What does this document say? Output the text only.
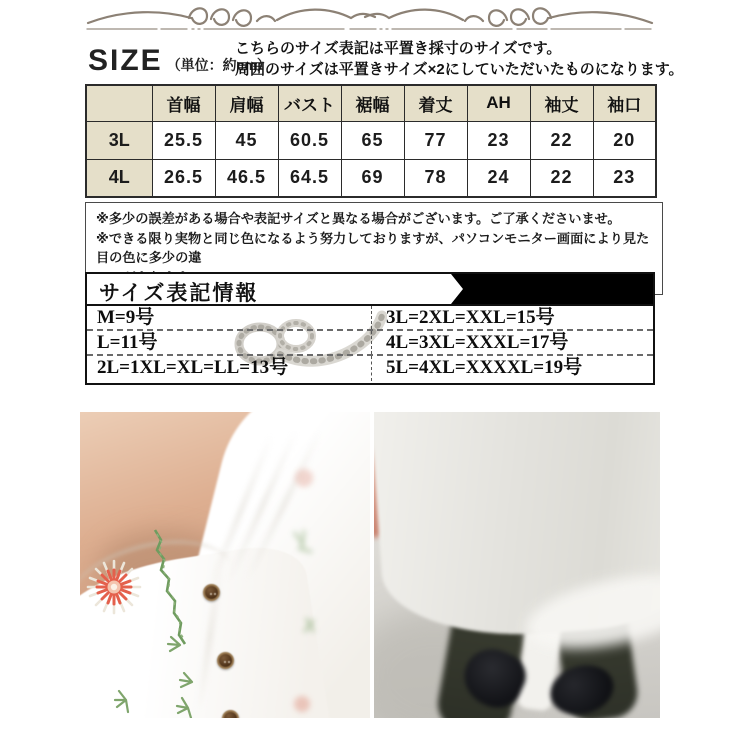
SIZE （単位：約cm）
こちらのサイズ表記は平置き採寸のサイズです。
周囲のサイズは平置きサイズ×2にしていただいたものになります。
	首幅	肩幅	バスト	裾幅	着丈	AH	袖丈	袖口
3L	25.5	45	60.5	65	77	23	22	20
4L	26.5	46.5	64.5	69	78	24	22	23
※多少の誤差がある場合や表記サイズと異なる場合がございます。ご了承くださいませ。
※できる限り実物と同じ色になるよう努力しておりますが、パソコンモニター画面により見た目の色に多少の違
サイズ表記情報
M=9号	3L=2XL=XXL=15号
L=11号	4L=3XL=XXXL=17号
2L=1XL=XL=LL=13号	5L=4XL=XXXXL=19号
